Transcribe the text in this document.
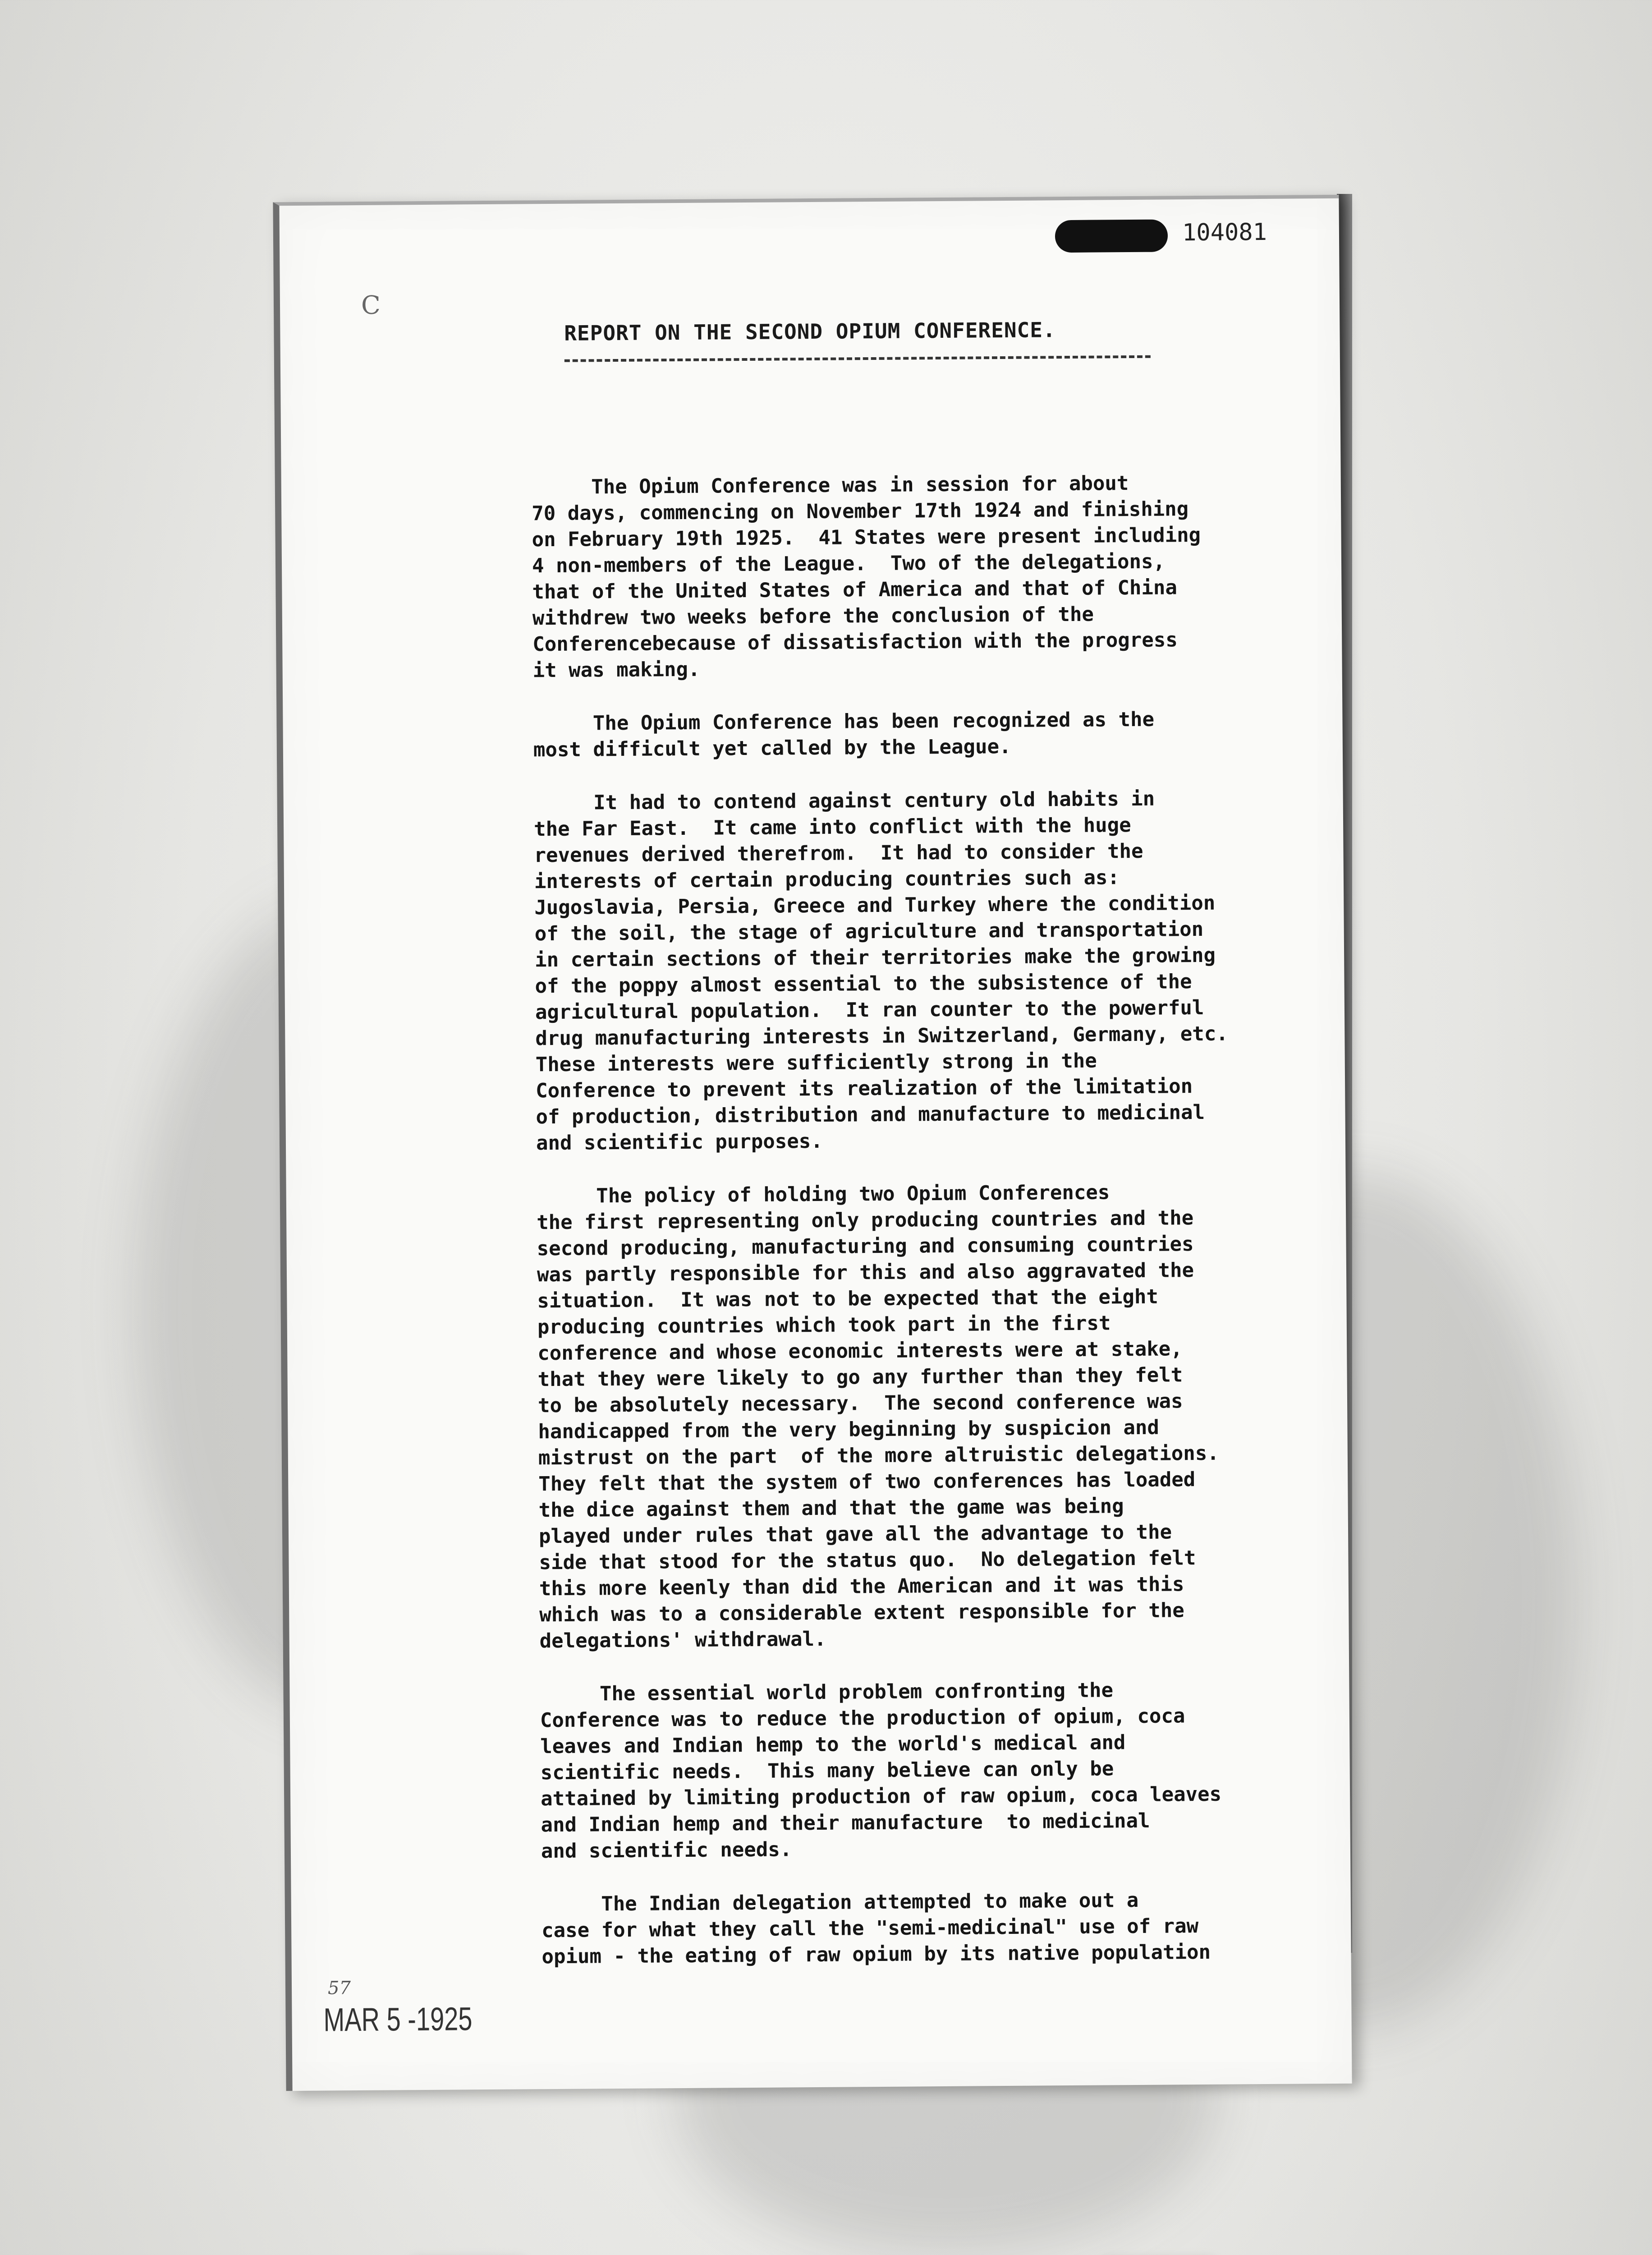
104081
C
REPORT ON THE SECOND OPIUM CONFERENCE.
The Opium Conference was in session for about
70 days, commencing on November 17th 1924 and finishing
on February 19th 1925.  41 States were present including
4 non-members of the League.  Two of the delegations,
that of the United States of America and that of China
withdrew two weeks before the conclusion of the
Conferencebecause of dissatisfaction with the progress
it was making.
The Opium Conference has been recognized as the
most difficult yet called by the League.
It had to contend against century old habits in
the Far East.  It came into conflict with the huge
revenues derived therefrom.  It had to consider the
interests of certain producing countries such as:
Jugoslavia, Persia, Greece and Turkey where the condition
of the soil, the stage of agriculture and transportation
in certain sections of their territories make the growing
of the poppy almost essential to the subsistence of the
agricultural population.  It ran counter to the powerful
drug manufacturing interests in Switzerland, Germany, etc.
These interests were sufficiently strong in the
Conference to prevent its realization of the limitation
of production, distribution and manufacture to medicinal
and scientific purposes.
The policy of holding two Opium Conferences
the first representing only producing countries and the
second producing, manufacturing and consuming countries
was partly responsible for this and also aggravated the
situation.  It was not to be expected that the eight
producing countries which took part in the first
conference and whose economic interests were at stake,
that they were likely to go any further than they felt
to be absolutely necessary.  The second conference was
handicapped from the very beginning by suspicion and
mistrust on the part  of the more altruistic delegations.
They felt that the system of two conferences has loaded
the dice against them and that the game was being
played under rules that gave all the advantage to the
side that stood for the status quo.  No delegation felt
this more keenly than did the American and it was this
which was to a considerable extent responsible for the
delegations' withdrawal.
The essential world problem confronting the
Conference was to reduce the production of opium, coca
leaves and Indian hemp to the world's medical and
scientific needs.  This many believe can only be
attained by limiting production of raw opium, coca leaves
and Indian hemp and their manufacture  to medicinal
and scientific needs.
The Indian delegation attempted to make out a
case for what they call the "semi-medicinal" use of raw
opium - the eating of raw opium by its native population
57
MAR 5 -1925
